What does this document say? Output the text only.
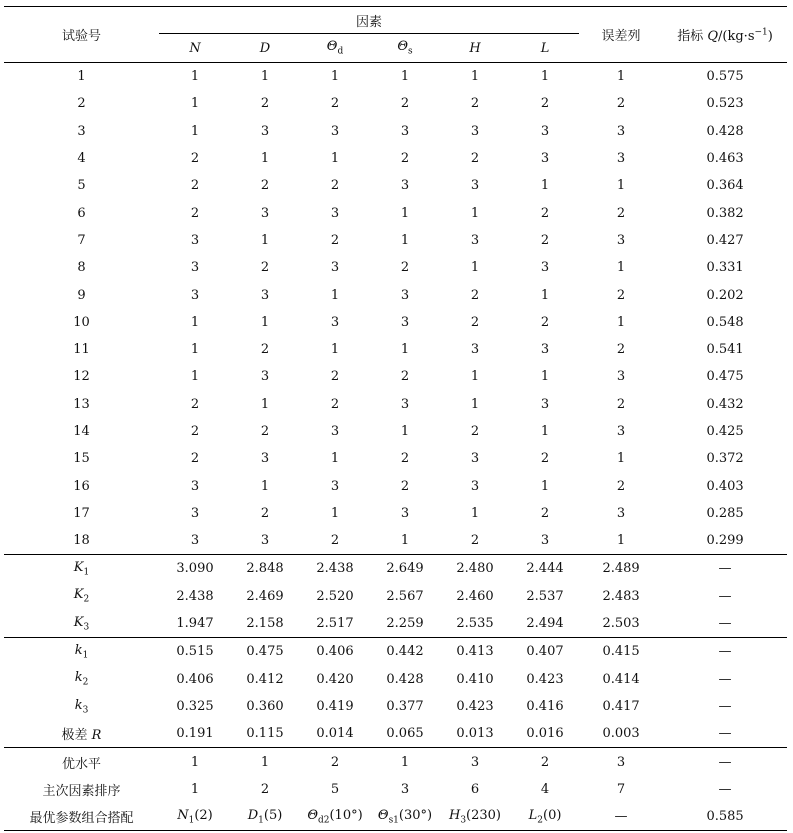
试验号	因素						误差列	指标 $Q/(kg\cdot s^{-1})$
	N	D	$\Theta_d$	$\Theta_s$	H	L		
1	1	1	1	1	1	1	1	0.575
2	1	2	2	2	2	2	2	0.523
3	1	3	3	3	3	3	3	0.428
4	2	1	1	2	2	3	3	0.463
5	2	2	2	3	3	1	1	0.364
6	2	3	3	1	1	2	2	0.382
7	3	1	2	1	3	2	3	0.427
8	3	2	3	2	1	3	1	0.331
9	3	3	1	3	2	1	2	0.202
10	1	1	3	3	2	2	1	0.548
11	1	2	1	1	3	3	2	0.541
12	1	3	2	2	1	1	3	0.475
13	2	1	2	3	1	3	2	0.432
14	2	2	3	1	2	1	3	0.425
15	2	3	1	2	3	2	1	0.372
16	3	1	3	2	3	1	2	0.403
17	3	2	1	3	1	2	3	0.285
18	3	3	2	1	2	3	1	0.299
$K_1$	3.090	2.848	2.438	2.649	2.480	2.444	2.489	—
$K_2$	2.438	2.469	2.520	2.567	2.460	2.537	2.483	—
$K_3$	1.947	2.158	2.517	2.259	2.535	2.494	2.503	—
$k_1$	0.515	0.475	0.406	0.442	0.413	0.407	0.415	—
$k_2$	0.406	0.412	0.420	0.428	0.410	0.423	0.414	—
$k_3$	0.325	0.360	0.419	0.377	0.423	0.416	0.417	—
极差 R	0.191	0.115	0.014	0.065	0.013	0.016	0.003	—
优水平	1	1	2	1	3	2	3	—
主次因素排序	1	2	5	3	6	4	7	—
最优参数组合搭配	$N_1(2)$	$D_1(5)$	$\Theta_{d2}(10^\circ)$	$\Theta_{s1}(30^\circ)$	$H_3(230)$	$L_2(0)$	—	0.585
